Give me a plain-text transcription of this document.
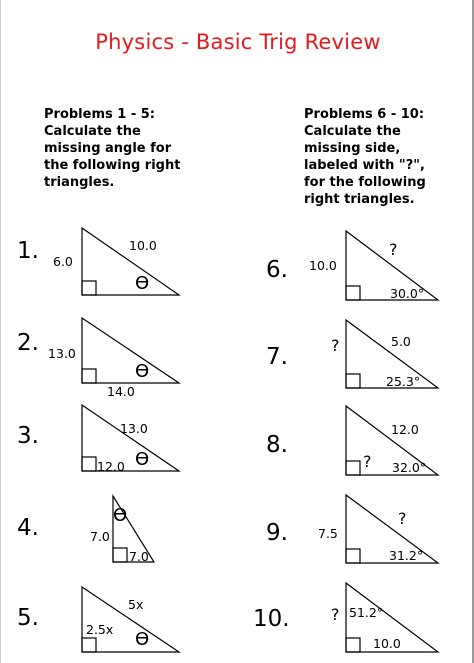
Physics - Basic Trig Review
Problems 1 - 5:
Calculate the
missing angle for
the following right
triangles.
Problems 6 - 10:
Calculate the
missing side,
labeled with "?",
for the following
right triangles.
1. 6.0
10.0
ϴ
2. 13.0
14.0
ϴ
3.	13.0
12.0 ϴ
4.	7.0
7.0
ϴ
5.
5x
2.5x ϴ
6. 10.0
?
30.0°
7.	?	5.0
25.3°
8.
12.0
? 32.0°
9. 7.5
?
31.2°
10.	? 51.2°
10.0
